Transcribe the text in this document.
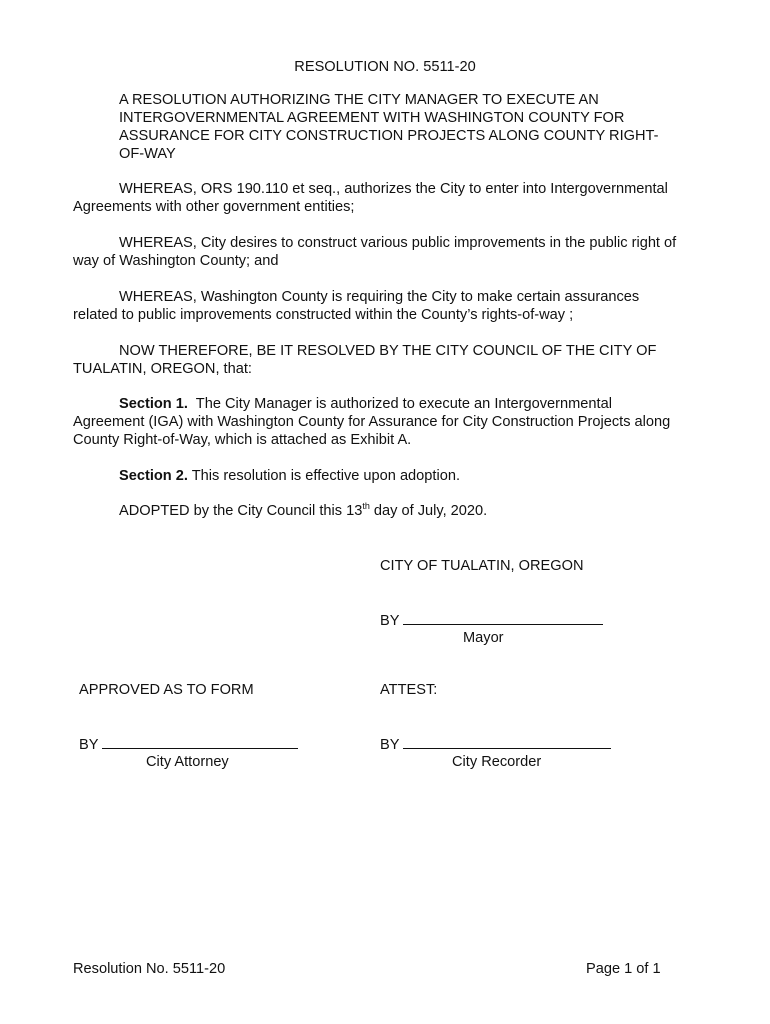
RESOLUTION NO. 5511-20
A RESOLUTION AUTHORIZING THE CITY MANAGER TO EXECUTE AN
INTERGOVERNMENTAL AGREEMENT WITH WASHINGTON COUNTY FOR
ASSURANCE FOR CITY CONSTRUCTION PROJECTS ALONG COUNTY RIGHT-
OF-WAY
WHEREAS, ORS 190.110 et seq., authorizes the City to enter into Intergovernmental
Agreements with other government entities;
WHEREAS, City desires to construct various public improvements in the public right of
way of Washington County; and
WHEREAS, Washington County is requiring the City to make certain assurances
related to public improvements constructed within the County’s rights-of-way ;
NOW THEREFORE, BE IT RESOLVED BY THE CITY COUNCIL OF THE CITY OF
TUALATIN, OREGON, that:
Section 1. The City Manager is authorized to execute an Intergovernmental
Agreement (IGA) with Washington County for Assurance for City Construction Projects along
County Right-of-Way, which is attached as Exhibit A.
Section 2. This resolution is effective upon adoption.
ADOPTED by the City Council this 13th day of July, 2020.
CITY OF TUALATIN, OREGON
BY
Mayor
APPROVED AS TO FORM	ATTEST:
BY
City Attorney
BY
City Recorder
Resolution No. 5511-20	Page 1 of 1
